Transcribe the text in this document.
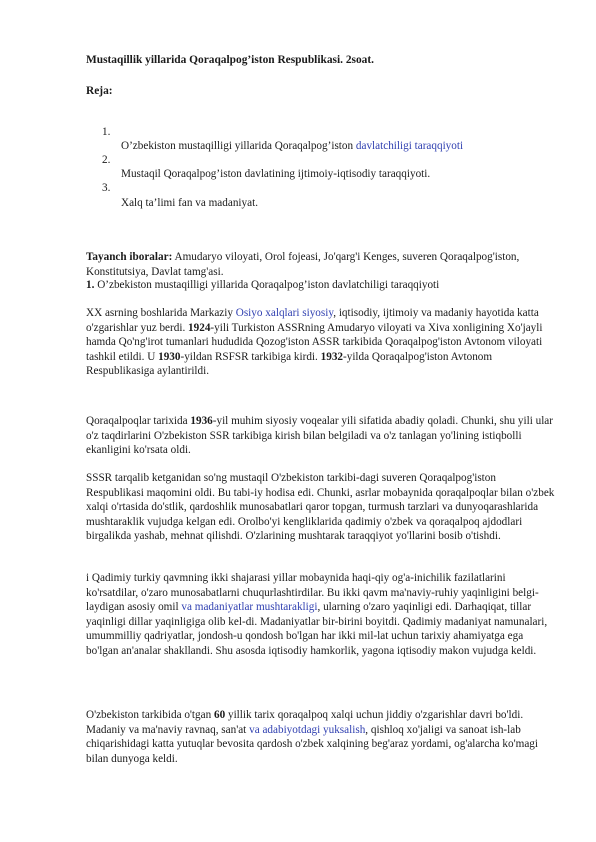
Mustaqillik yillarida Qoraqalpog’iston Respublikasi. 2soat.

Reja:

1.

O’zbekiston mustaqilligi yillarida Qoraqalpog’iston davlatchiligi taraqqiyoti

2.

Mustaqil Qoraqalpog’iston davlatining ijtimoiy-iqtisodiy taraqqiyoti.

3.

Xalq ta’limi fan va madaniyat.

Tayanch iboralar: Amudaryo viloyati, Orol fojeasi, Jo'qarg'i Kenges, suveren Qoraqalpog'iston, Konstitutsiya, Davlat tamg'asi.

1. O’zbekiston mustaqilligi yillarida Qoraqalpog’iston davlatchiligi taraqqiyoti

XX asrning boshlarida Markaziy Osiyo xalqlari siyosiy, iqtisodiy, ijtimoiy va madaniy hayotida katta o'zgarishlar yuz berdi. 1924-yili Turkiston ASSRning Amudaryo viloyati va Xiva xonligining Xo'jayli hamda Qo'ng'irot tumanlari hududida Qozog'iston ASSR tarkibida Qoraqalpog'iston Avtonom viloyati tashkil etildi. U 1930-yildan RSFSR tarkibiga kirdi. 1932-yilda Qoraqalpog'iston Avtonom Respublikasiga aylantirildi.

Qoraqalpoqlar tarixida 1936-yil muhim siyosiy voqealar yili sifatida abadiy qoladi. Chunki, shu yili ular o'z taqdirlarini O'zbekiston SSR tarkibiga kirish bilan belgiladi va o'z tanlagan yo'lining istiqbolli ekanligini ko'rsata oldi.

SSSR tarqalib ketganidan so'ng mustaqil O'zbekiston tarkibi-dagi suveren Qoraqalpog'iston Respublikasi maqomini oldi. Bu tabi-iy hodisa edi. Chunki, asrlar mobaynida qoraqalpoqlar bilan o'zbek xalqi o'rtasida do'stlik, qardoshlik munosabatlari qaror topgan, turmush tarzlari va dunyoqarashlarida mushtaraklik vujudga kelgan edi. Orolbo'yi kengliklarida qadimiy o'zbek va qoraqalpoq ajdodlari birgalikda yashab, mehnat qilishdi. O'zlarining mushtarak taraqqiyot yo'llarini bosib o'tishdi.

i Qadimiy turkiy qavmning ikki shajarasi yillar mobaynida haqi-qiy og'a-inichilik fazilatlarini ko'rsatdilar, o'zaro munosabatlarni chuqurlashtirdilar. Bu ikki qavm ma'naviy-ruhiy yaqinligini belgi-laydigan asosiy omil va madaniyatlar mushtarakligi, ularning o'zaro yaqinligi edi. Darhaqiqat, tillar yaqinligi dillar yaqinligiga olib kel-di. Madaniyatlar bir-birini boyitdi. Qadimiy madaniyat namunalari, umummilliy qadriyatlar, jondosh-u qondosh bo'lgan har ikki mil-lat uchun tarixiy ahamiyatga ega bo'lgan an'analar shakllandi. Shu asosda iqtisodiy hamkorlik, yagona iqtisodiy makon vujudga keldi.

O'zbekiston tarkibida o'tgan 60 yillik tarix qoraqalpoq xalqi uchun jiddiy o'zgarishlar davri bo'ldi. Madaniy va ma'naviy ravnaq, san'at va adabiyotdagi yuksalish, qishloq xo'jaligi va sanoat ish-lab chiqarishidagi katta yutuqlar bevosita qardosh o'zbek xalqining beg'araz yordami, og'alarcha ko'magi bilan dunyoga keldi.
